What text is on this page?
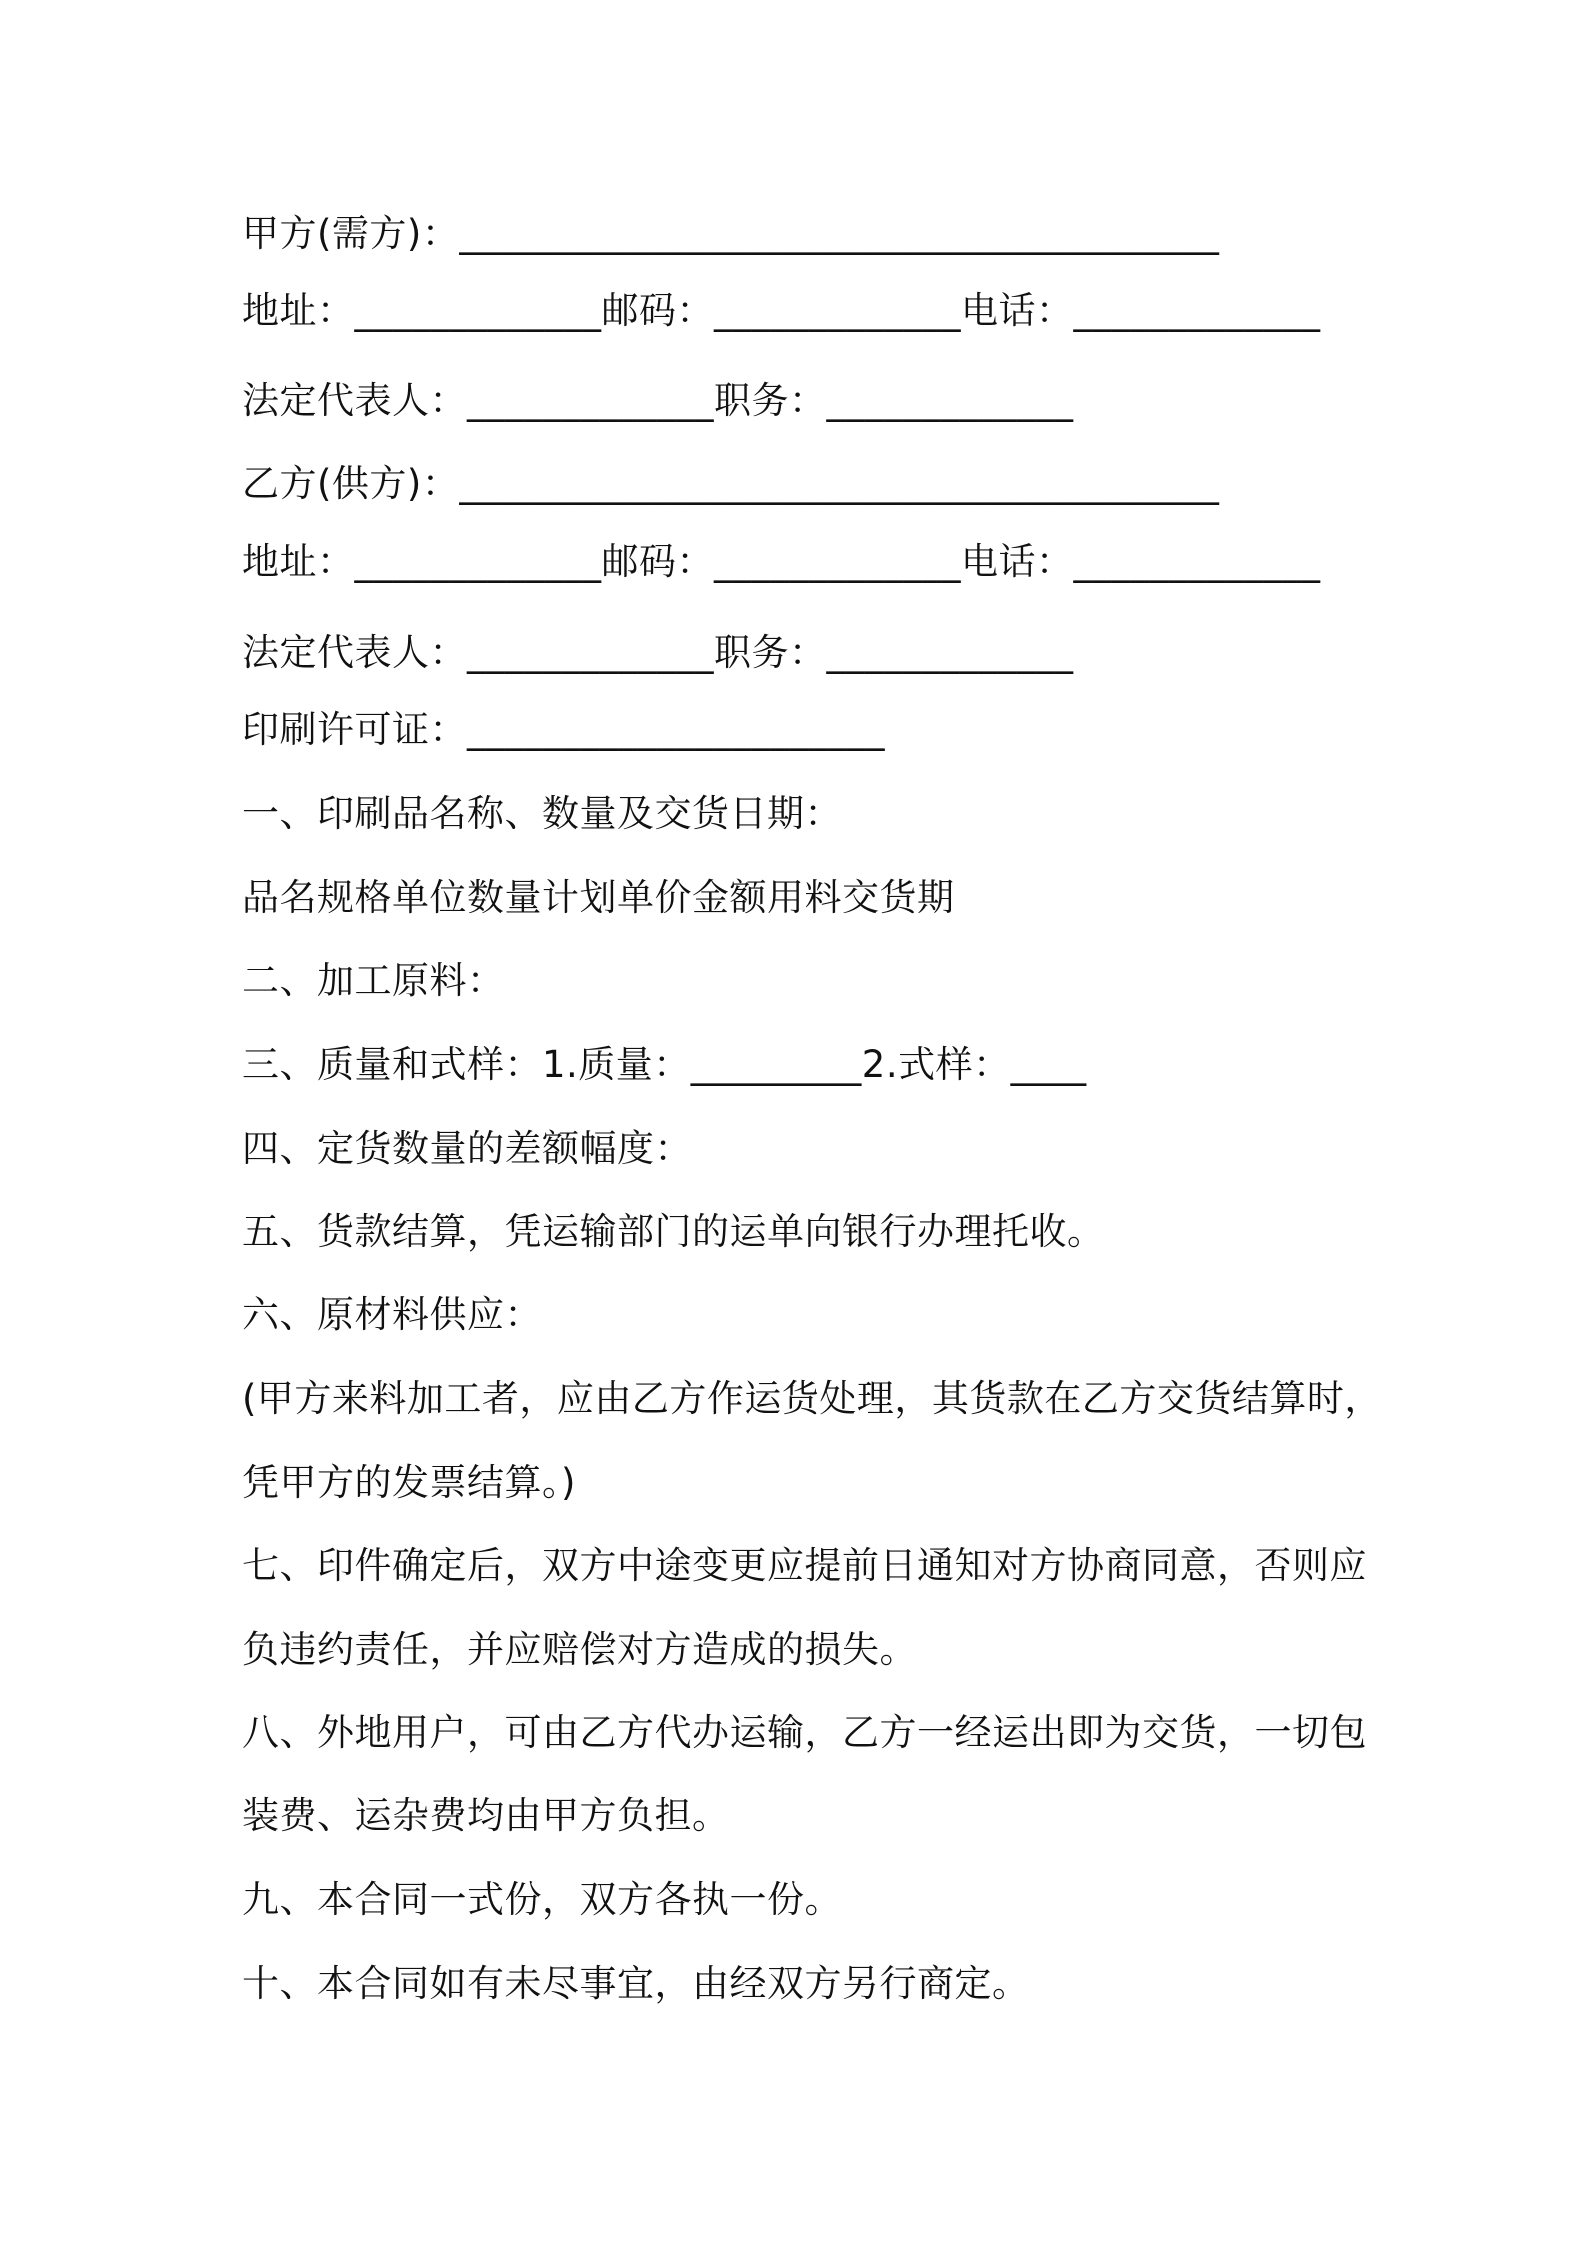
甲方(需方)：________________________________________
地址：_____________邮码：_____________电话：_____________
法定代表人：_____________职务：_____________
乙方(供方)：________________________________________
地址：_____________邮码：_____________电话：_____________
法定代表人：_____________职务：_____________
印刷许可证：______________________
一、印刷品名称、数量及交货日期：
品名规格单位数量计划单价金额用料交货期
二、加工原料：
三、质量和式样：1.质量：_________2.式样：____
四、定货数量的差额幅度：
五、货款结算，凭运输部门的运单向银行办理托收。
六、原材料供应：
(甲方来料加工者，应由乙方作运货处理，其货款在乙方交货结算时，
凭甲方的发票结算。)
七、印件确定后，双方中途变更应提前日通知对方协商同意，否则应
负违约责任，并应赔偿对方造成的损失。
八、外地用户，可由乙方代办运输，乙方一经运出即为交货，一切包
装费、运杂费均由甲方负担。
九、本合同一式份，双方各执一份。
十、本合同如有未尽事宜，由经双方另行商定。
